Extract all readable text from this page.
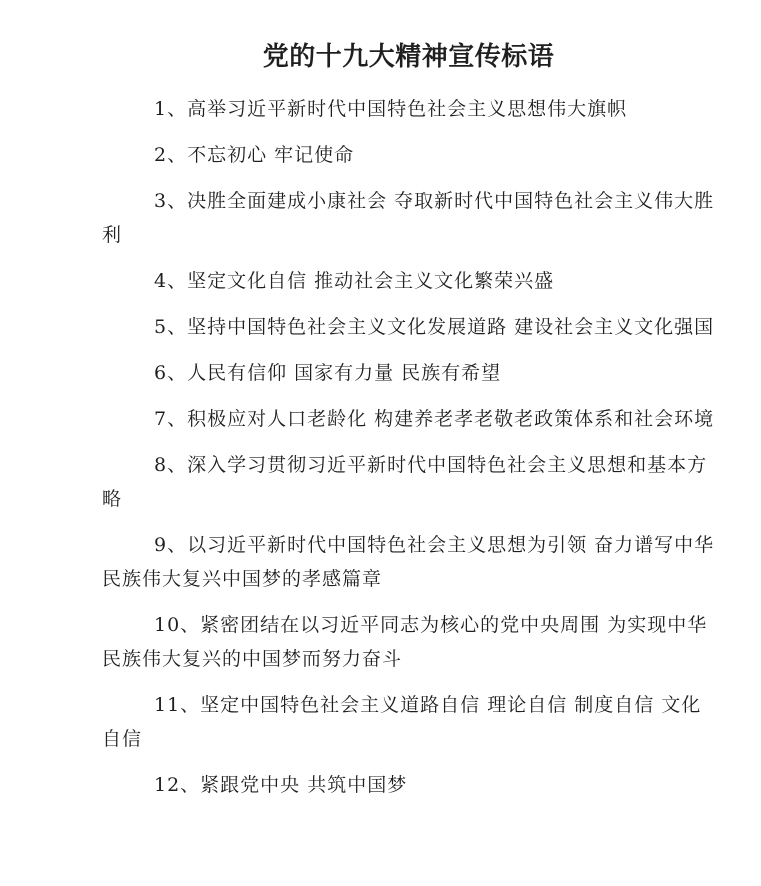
党的十九大精神宣传标语

1、高举习近平新时代中国特色社会主义思想伟大旗帜

2、不忘初心 牢记使命

3、决胜全面建成小康社会 夺取新时代中国特色社会主义伟大胜利

4、坚定文化自信 推动社会主义文化繁荣兴盛

5、坚持中国特色社会主义文化发展道路 建设社会主义文化强国

6、人民有信仰 国家有力量 民族有希望

7、积极应对人口老龄化 构建养老孝老敬老政策体系和社会环境

8、深入学习贯彻习近平新时代中国特色社会主义思想和基本方略

9、以习近平新时代中国特色社会主义思想为引领 奋力谱写中华民族伟大复兴中国梦的孝感篇章

10、紧密团结在以习近平同志为核心的党中央周围 为实现中华民族伟大复兴的中国梦而努力奋斗

11、坚定中国特色社会主义道路自信 理论自信 制度自信 文化自信

12、紧跟党中央 共筑中国梦
